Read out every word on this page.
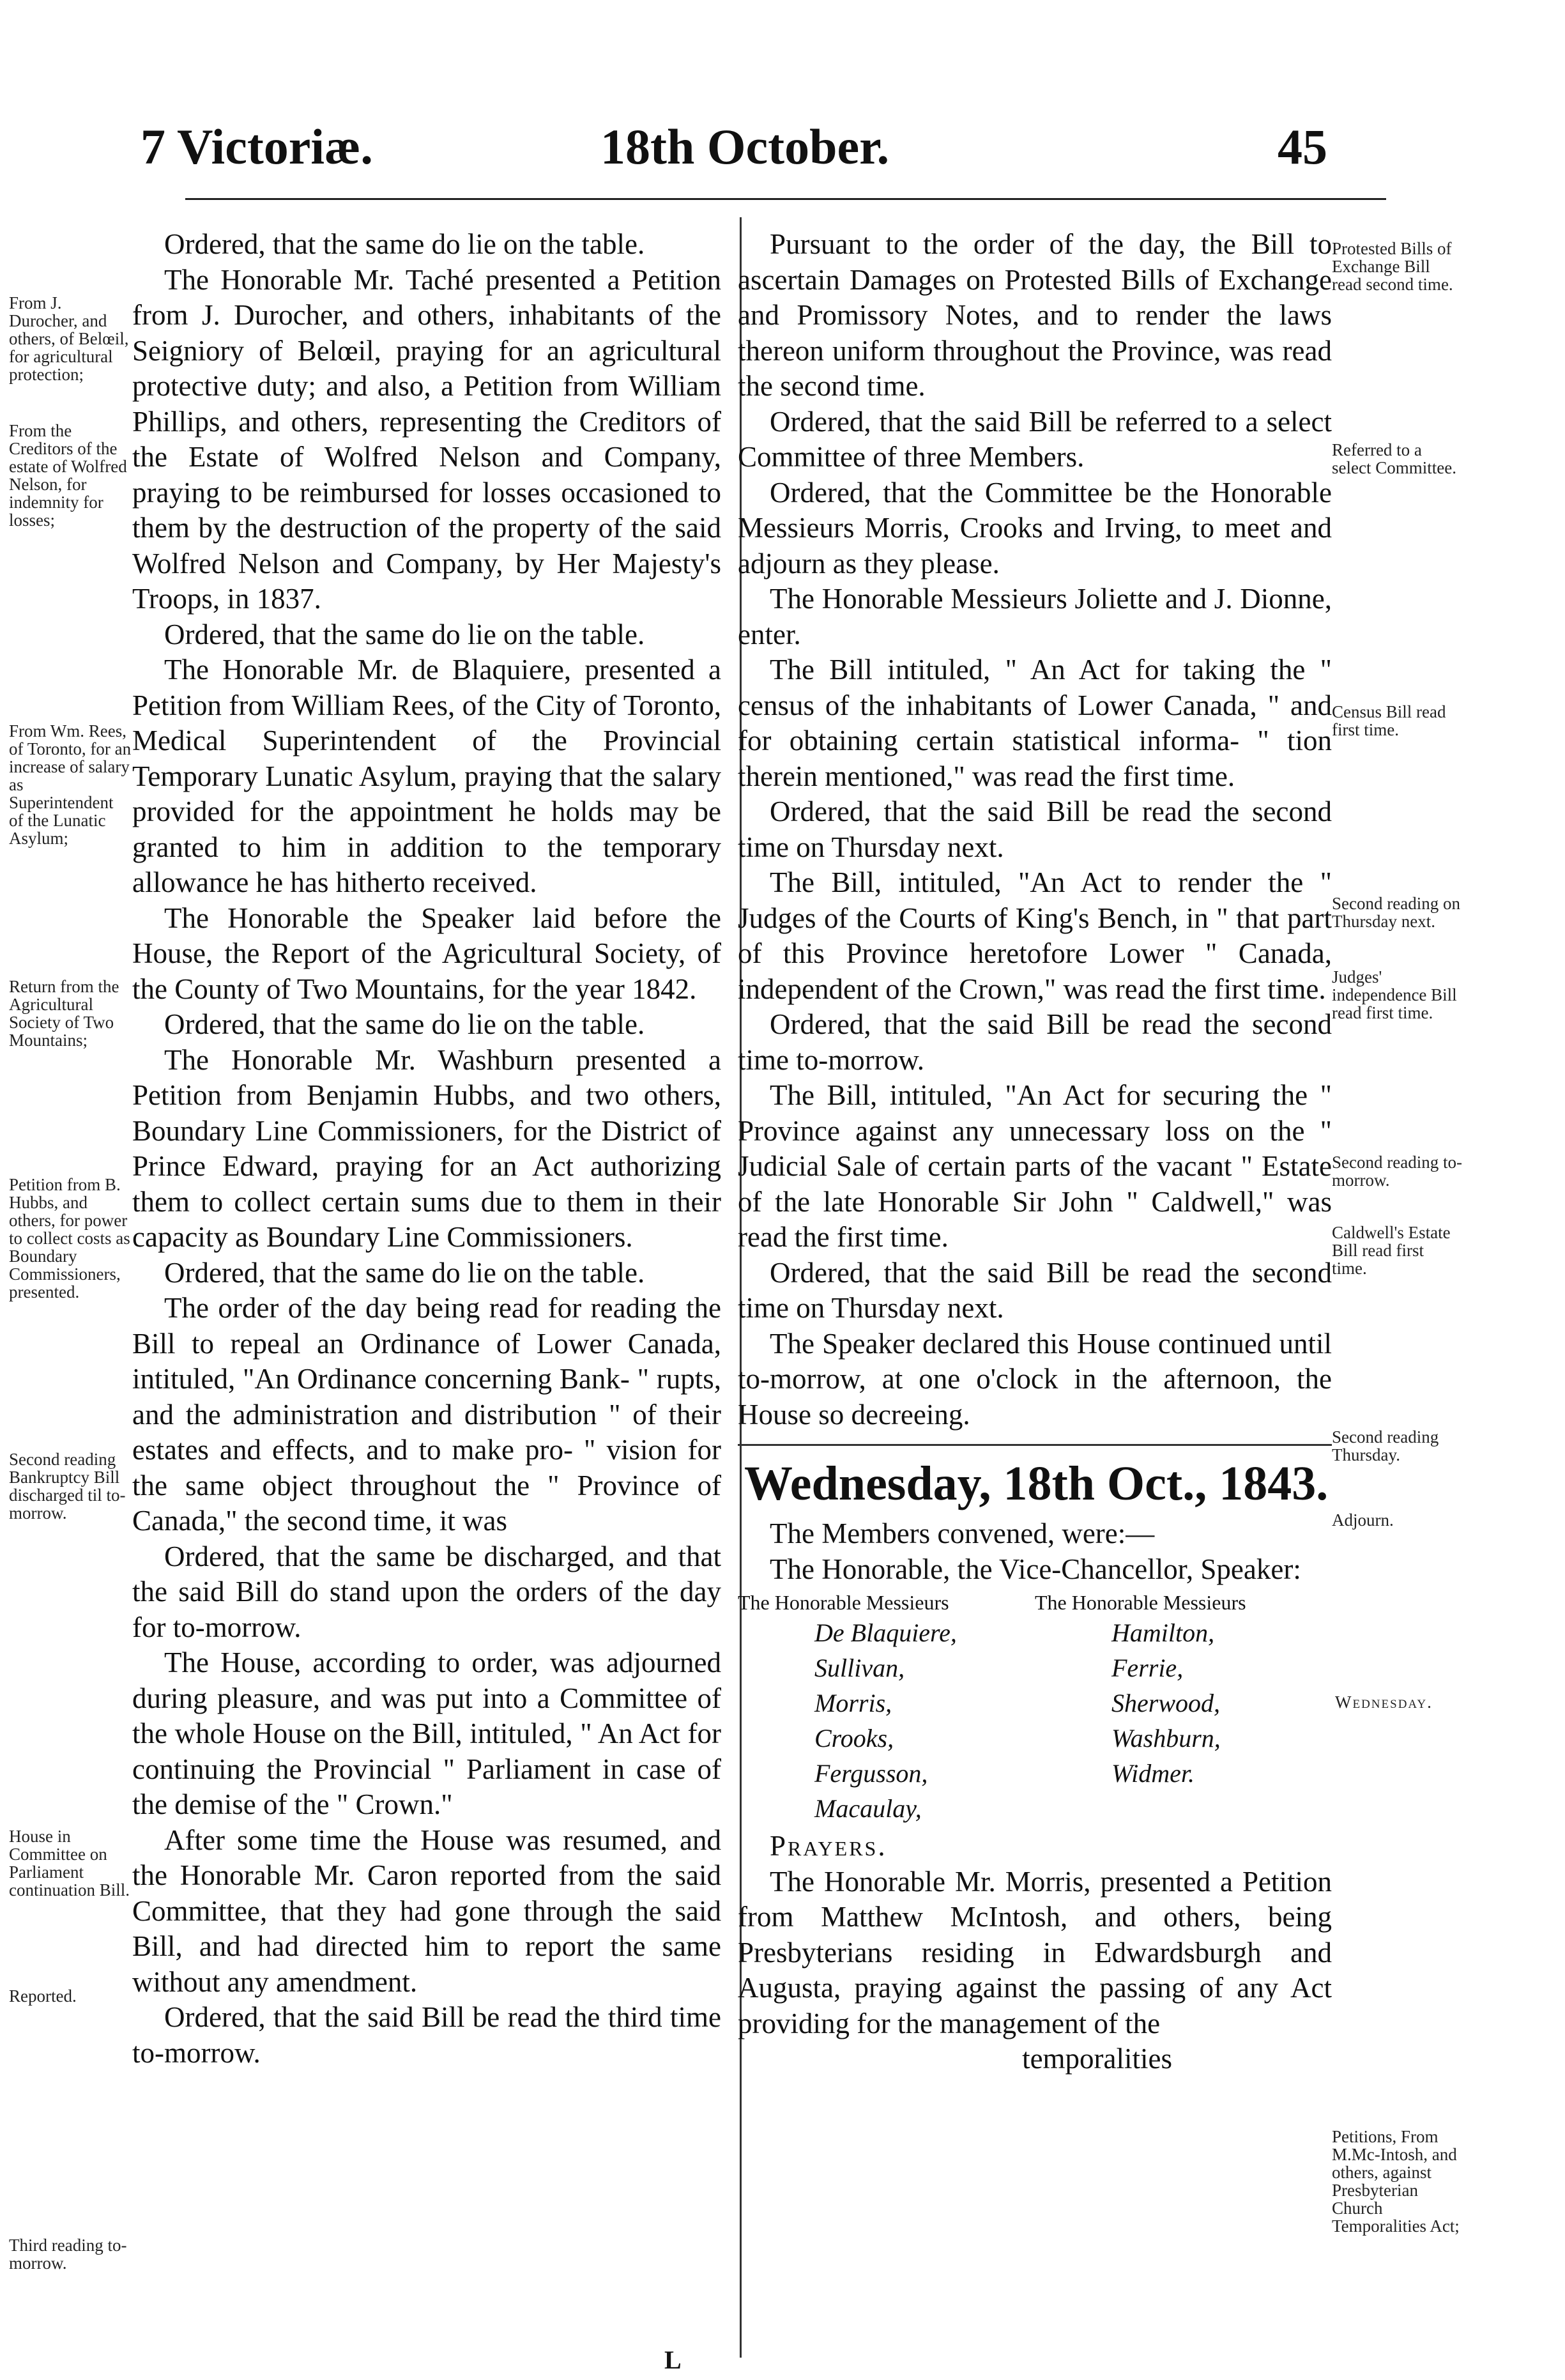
7 Victoriæ.	18th October.	45

Ordered, that the same do lie on the table.

The Honorable Mr. Taché presented a Petition from J. Durocher, and others, inhabitants of the Seigniory of Belœil, praying for an agricultural protective duty; and also, a Petition from William Phillips, and others, representing the Creditors of the Estate of Wolfred Nelson and Company, praying to be reimbursed for losses occasioned to them by the destruction of the property of the said Wolfred Nelson and Company, by Her Majesty's Troops, in 1837.

Ordered, that the same do lie on the table.

The Honorable Mr. de Blaquiere, presented a Petition from William Rees, of the City of Toronto, Medical Superintendent of the Provincial Temporary Lunatic Asylum, praying that the salary provided for the appointment he holds may be granted to him in addition to the temporary allowance he has hitherto received.

The Honorable the Speaker laid before the House, the Report of the Agricultural Society, of the County of Two Mountains, for the year 1842.

Ordered, that the same do lie on the table.

The Honorable Mr. Washburn presented a Petition from Benjamin Hubbs, and two others, Boundary Line Commissioners, for the District of Prince Edward, praying for an Act authorizing them to collect certain sums due to them in their capacity as Boundary Line Commissioners.

Ordered, that the same do lie on the table.

The order of the day being read for reading the Bill to repeal an Ordinance of Lower Canada, intituled, "An Ordinance concerning Bank- " rupts, and the administration and distribution " of their estates and effects, and to make pro- " vision for the same object throughout the " Province of Canada," the second time, it was

Ordered, that the same be discharged, and that the said Bill do stand upon the orders of the day for to-morrow.

The House, according to order, was adjourned during pleasure, and was put into a Committee of the whole House on the Bill, intituled, " An Act for continuing the Provincial " Parliament in case of the demise of the " Crown."

After some time the House was resumed, and the Honorable Mr. Caron reported from the said Committee, that they had gone through the said Bill, and had directed him to report the same without any amendment.

Ordered, that the said Bill be read the third time to-morrow.

From J. Durocher, and others, of Belœil, for agricultural protection;
From the Creditors of the estate of Wolfred Nelson, for indemnity for losses;
From Wm. Rees, of Toronto, for an increase of salary as Superintendent of the Lunatic Asylum;
Return from the Agricultural Society of Two Mountains;
Petition from B. Hubbs, and others, for power to collect costs as Boundary Commissioners, presented.
Second reading Bankruptcy Bill discharged til to-morrow.
House in Committee on Parliament continuation Bill.
Reported.
Third reading to-morrow.

Pursuant to the order of the day, the Bill to ascertain Damages on Protested Bills of Exchange and Promissory Notes, and to render the laws thereon uniform throughout the Province, was read the second time.

Ordered, that the said Bill be referred to a select Committee of three Members.

Ordered, that the Committee be the Honorable Messieurs Morris, Crooks and Irving, to meet and adjourn as they please.

The Honorable Messieurs Joliette and J. Dionne, enter.

The Bill intituled, " An Act for taking the " census of the inhabitants of Lower Canada, " and for obtaining certain statistical informa- " tion therein mentioned," was read the first time.

Ordered, that the said Bill be read the second time on Thursday next.

The Bill, intituled, "An Act to render the " Judges of the Courts of King's Bench, in " that part of this Province heretofore Lower " Canada, independent of the Crown," was read the first time.

Ordered, that the said Bill be read the second time to-morrow.

The Bill, intituled, "An Act for securing the " Province against any unnecessary loss on the " Judicial Sale of certain parts of the vacant " Estate of the late Honorable Sir John " Caldwell," was read the first time.

Ordered, that the said Bill be read the second time on Thursday next.

The Speaker declared this House continued until to-morrow, at one o'clock in the afternoon, the House so decreeing.

Wednesday, 18th Oct., 1843.

The Members convened, were:—

The Honorable, the Vice-Chancellor, Speaker:

The Honorable Messieurs
De Blaquiere,
Sullivan,
Morris,
Crooks,
Fergusson,
Macaulay,
The Honorable Messieurs
Hamilton,
Ferrie,
Sherwood,
Washburn,
Widmer.

Prayers.

The Honorable Mr. Morris, presented a Petition from Matthew McIntosh, and others, being Presbyterians residing in Edwardsburgh and Augusta, praying against the passing of any Act providing for the management of the

temporalities

Protested Bills of Exchange Bill read second time.
Referred to a select Committee.
Census Bill read first time.
Second reading on Thursday next.
Judges' independence Bill read first time.
Second reading to-morrow.
Caldwell's Estate Bill read first time.
Second reading Thursday.
Adjourn.
Wednesday.
Petitions, From M.Mc-Intosh, and others, against Presbyterian Church Temporalities Act;
L
